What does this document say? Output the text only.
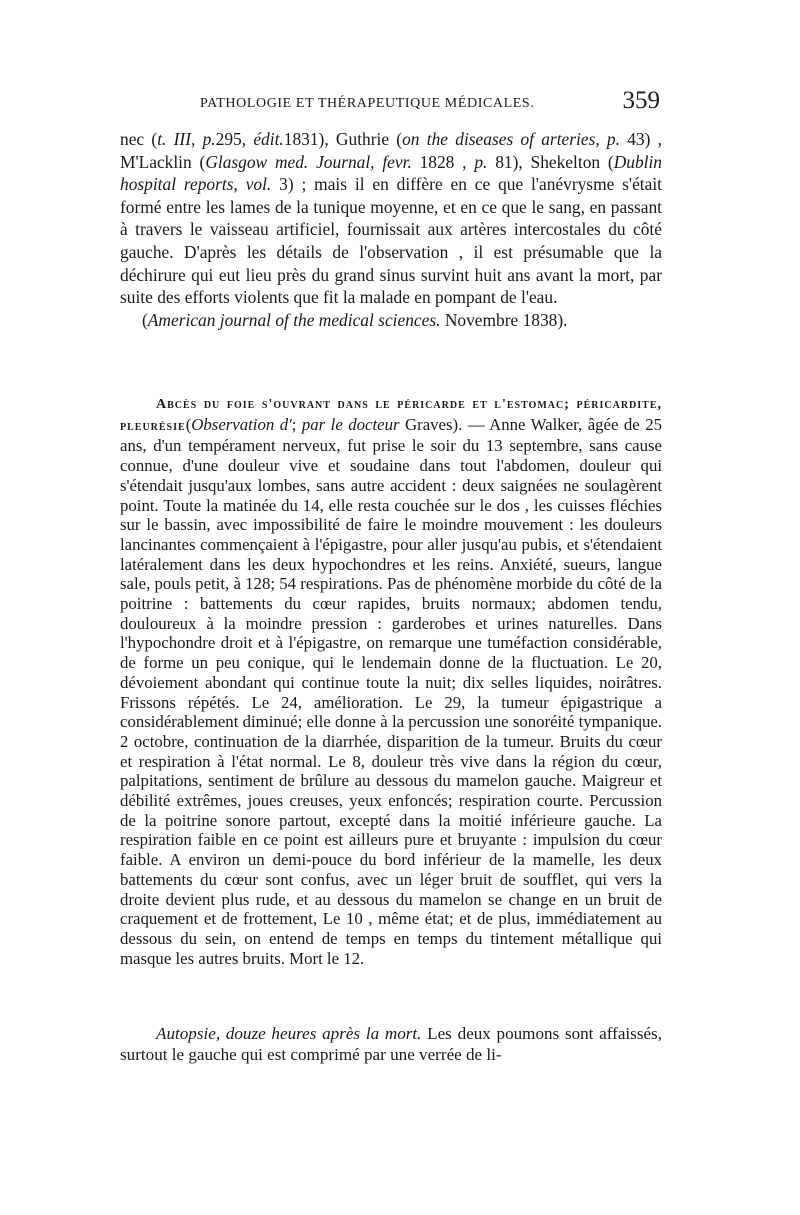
PATHOLOGIE ET THÉRAPEUTIQUE MÉDICALES.	359

nec (t. III, p.295, édit.1831), Guthrie (on the diseases of arteries, p. 43) , M'Lacklin (Glasgow med. Journal, fevr. 1828 , p. 81), Shekelton (Dublin hospital reports, vol. 3) ; mais il en diffère en ce que l'anévrysme s'était formé entre les lames de la tunique moyenne, et en ce que le sang, en passant à travers le vaisseau artificiel, fournissait aux artères intercostales du côté gauche. D'après les détails de l'observation , il est présumable que la déchirure qui eut lieu près du grand sinus survint huit ans avant la mort, par suite des efforts violents que fit la malade en pompant de l'eau.

(American journal of the medical sciences. Novembre 1838).

Abcès du foie s'ouvrant dans le péricarde et l'estomac; péricardite, pleurésie(Observation d'; par le docteur Graves). — Anne Walker, âgée de 25 ans, d'un tempérament nerveux, fut prise le soir du 13 septembre, sans cause connue, d'une douleur vive et soudaine dans tout l'abdomen, douleur qui s'étendait jusqu'aux lombes, sans autre accident : deux saignées ne soulagèrent point. Toute la matinée du 14, elle resta couchée sur le dos , les cuisses fléchies sur le bassin, avec impossibilité de faire le moindre mouvement : les douleurs lancinantes commençaient à l'épigastre, pour aller jusqu'au pubis, et s'étendaient latéralement dans les deux hypochondres et les reins. Anxiété, sueurs, langue sale, pouls petit, à 128; 54 respirations. Pas de phénomène morbide du côté de la poitrine : battements du cœur rapides, bruits normaux; abdomen tendu, douloureux à la moindre pression : garderobes et urines naturelles. Dans l'hypochondre droit et à l'épigastre, on remarque une tuméfaction considérable, de forme un peu conique, qui le lendemain donne de la fluctuation. Le 20, dévoiement abondant qui continue toute la nuit; dix selles liquides, noirâtres. Frissons répétés. Le 24, amélioration. Le 29, la tumeur épigastrique a considérablement diminué; elle donne à la percussion une sonoréité tympanique. 2 octobre, continuation de la diarrhée, disparition de la tumeur. Bruits du cœur et respiration à l'état normal. Le 8, douleur très vive dans la région du cœur, palpitations, sentiment de brûlure au dessous du mamelon gauche. Maigreur et débilité extrêmes, joues creuses, yeux enfoncés; respiration courte. Percussion de la poitrine sonore partout, excepté dans la moitié inférieure gauche. La respiration faible en ce point est ailleurs pure et bruyante : impulsion du cœur faible. A environ un demi-pouce du bord inférieur de la mamelle, les deux battements du cœur sont confus, avec un léger bruit de soufflet, qui vers la droite devient plus rude, et au dessous du mamelon se change en un bruit de craquement et de frottement, Le 10 , même état; et de plus, immédiatement au dessous du sein, on entend de temps en temps du tintement métallique qui masque les autres bruits. Mort le 12.

Autopsie, douze heures après la mort. Les deux poumons sont affaissés, surtout le gauche qui est comprimé par une verrée de li-
